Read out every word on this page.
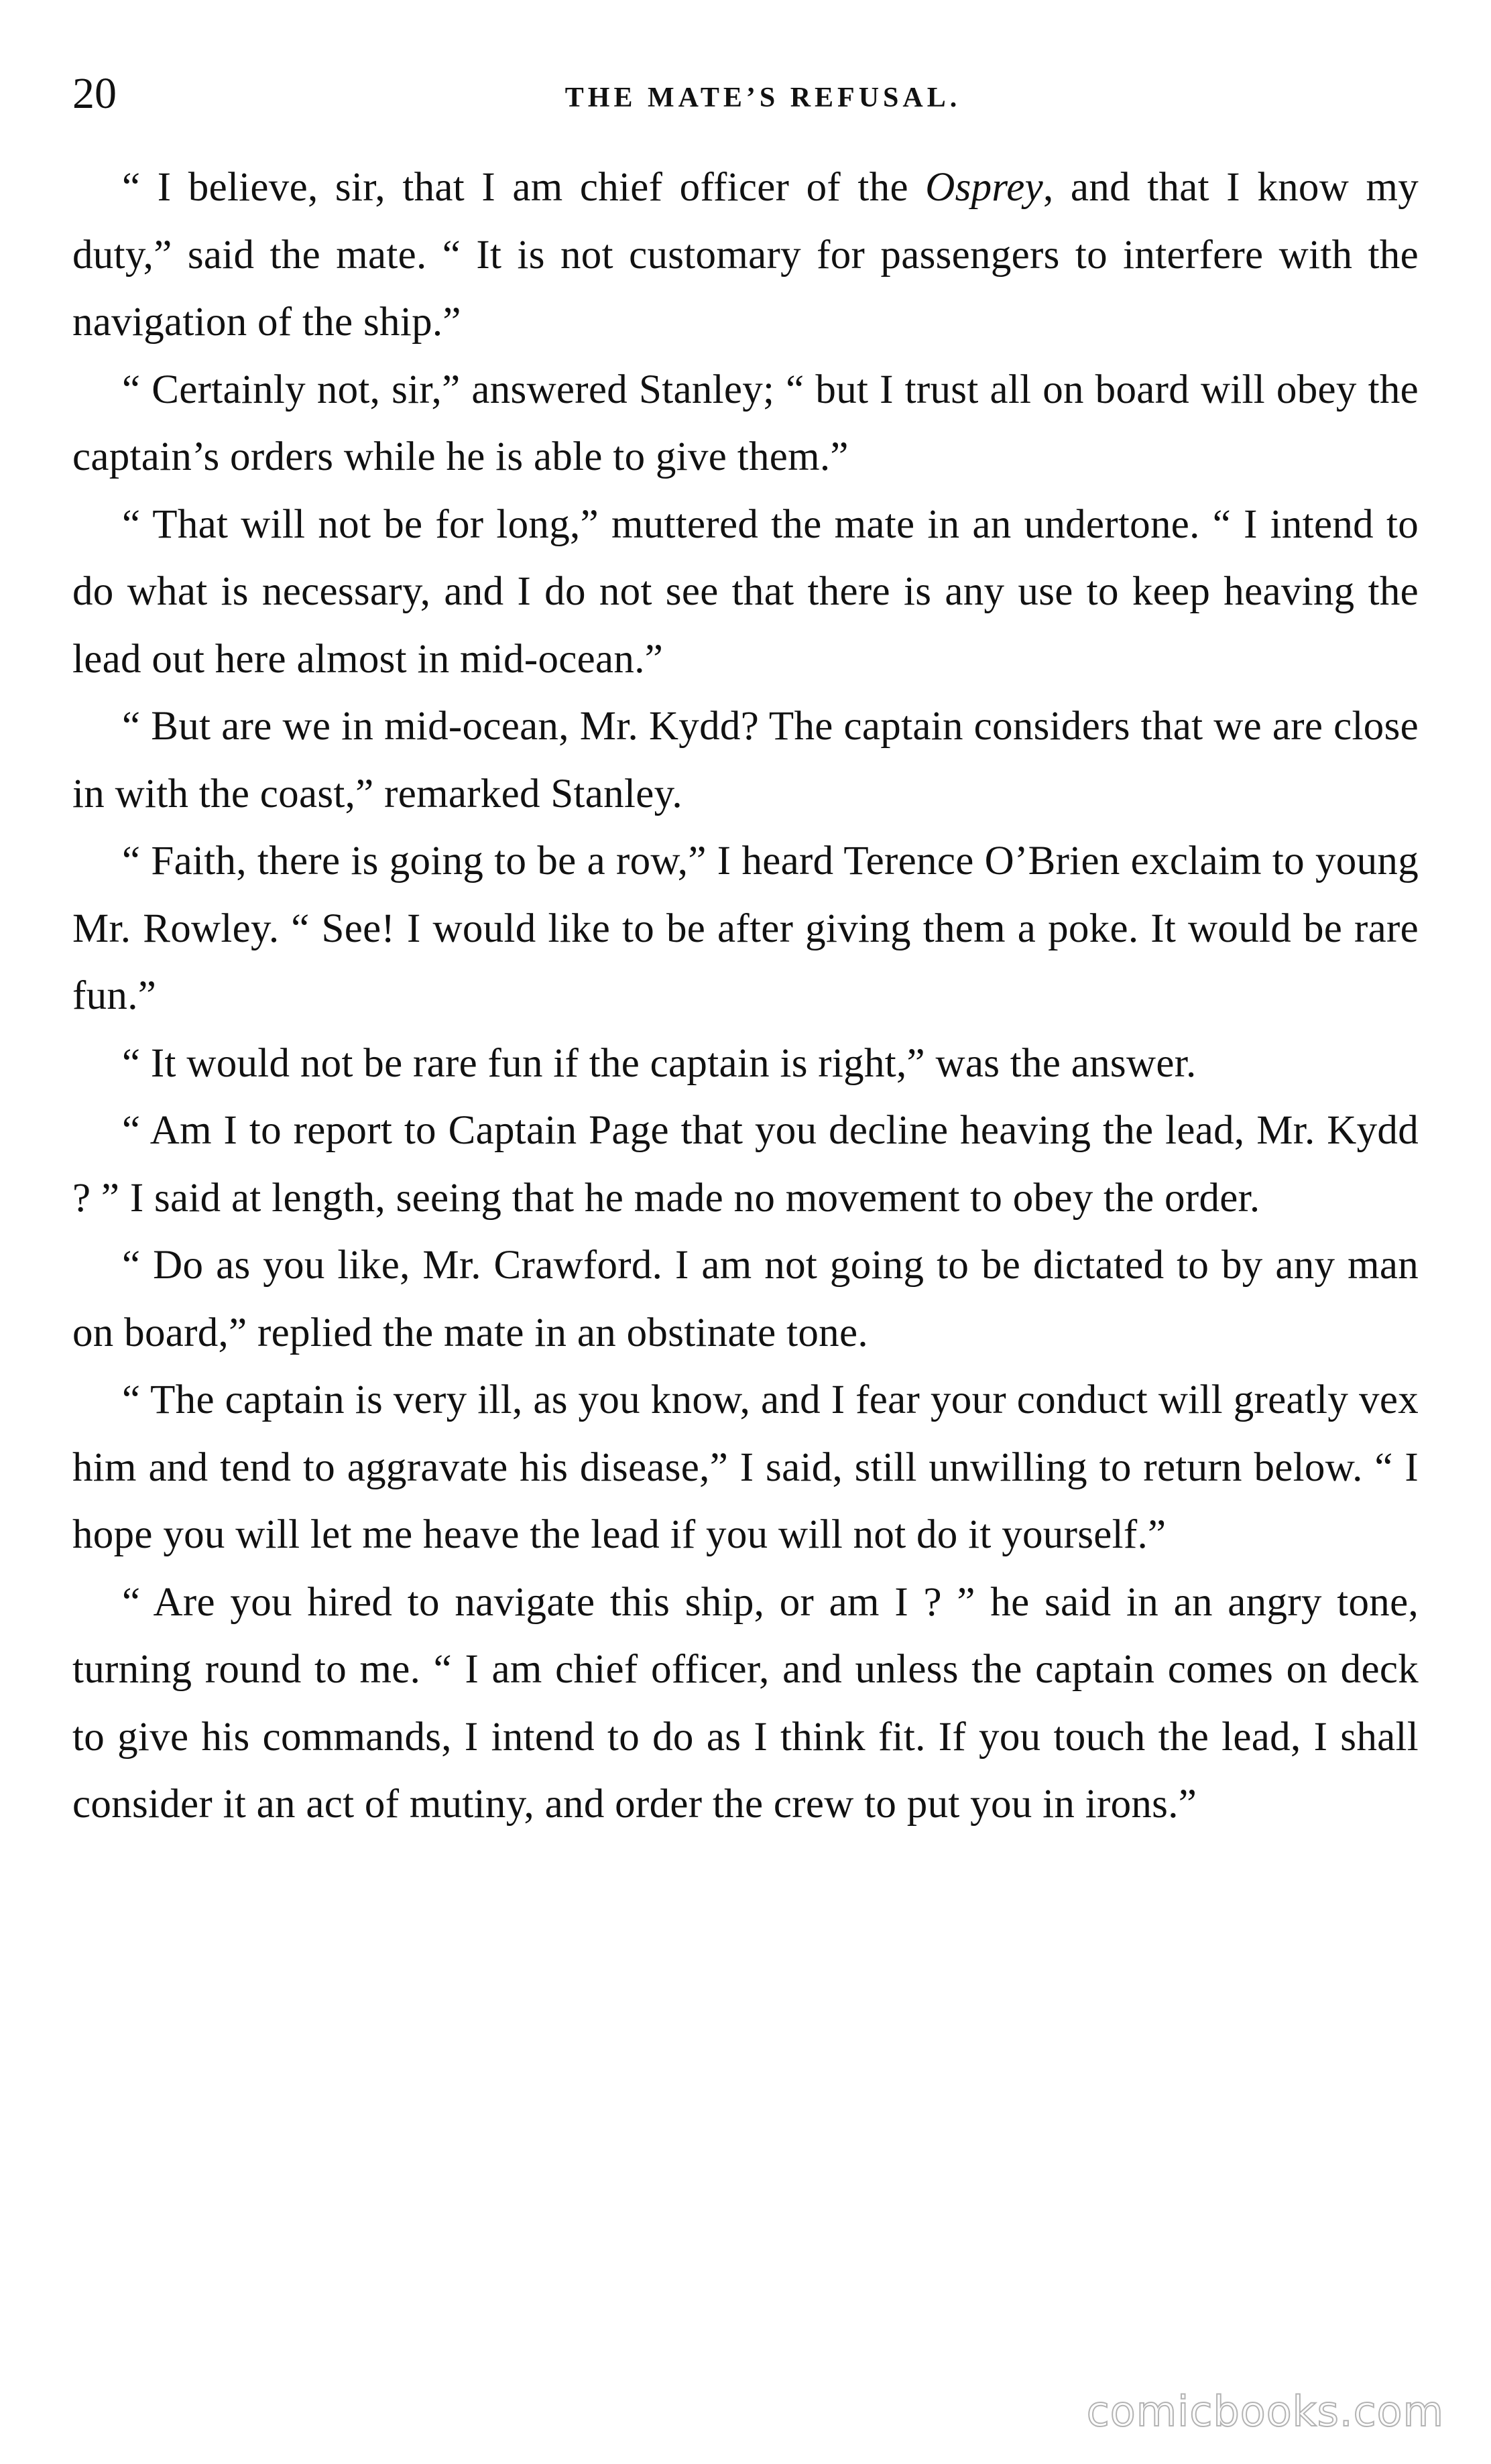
20	THE MATE’S REFUSAL.

“ I believe, sir, that I am chief officer of the Osprey, and that I know my duty,” said the mate. “ It is not customary for passengers to interfere with the navigation of the ship.”

“ Certainly not, sir,” answered Stanley; “ but I trust all on board will obey the captain’s orders while he is able to give them.”

“ That will not be for long,” muttered the mate in an undertone. “ I intend to do what is necessary, and I do not see that there is any use to keep heaving the lead out here almost in mid-ocean.”

“ But are we in mid-ocean, Mr. Kydd? The captain considers that we are close in with the coast,” remarked Stanley.

“ Faith, there is going to be a row,” I heard Terence O’Brien exclaim to young Mr. Rowley. “ See! I would like to be after giving them a poke. It would be rare fun.”

“ It would not be rare fun if the captain is right,” was the answer.

“ Am I to report to Captain Page that you decline heaving the lead, Mr. Kydd ? ” I said at length, seeing that he made no movement to obey the order.

“ Do as you like, Mr. Crawford. I am not going to be dictated to by any man on board,” replied the mate in an obstinate tone.

“ The captain is very ill, as you know, and I fear your conduct will greatly vex him and tend to aggravate his disease,” I said, still unwilling to return below. “ I hope you will let me heave the lead if you will not do it yourself.”

“ Are you hired to navigate this ship, or am I ? ” he said in an angry tone, turning round to me. “ I am chief officer, and unless the captain comes on deck to give his commands, I intend to do as I think fit. If you touch the lead, I shall consider it an act of mutiny, and order the crew to put you in irons.”

comicbooks.com
